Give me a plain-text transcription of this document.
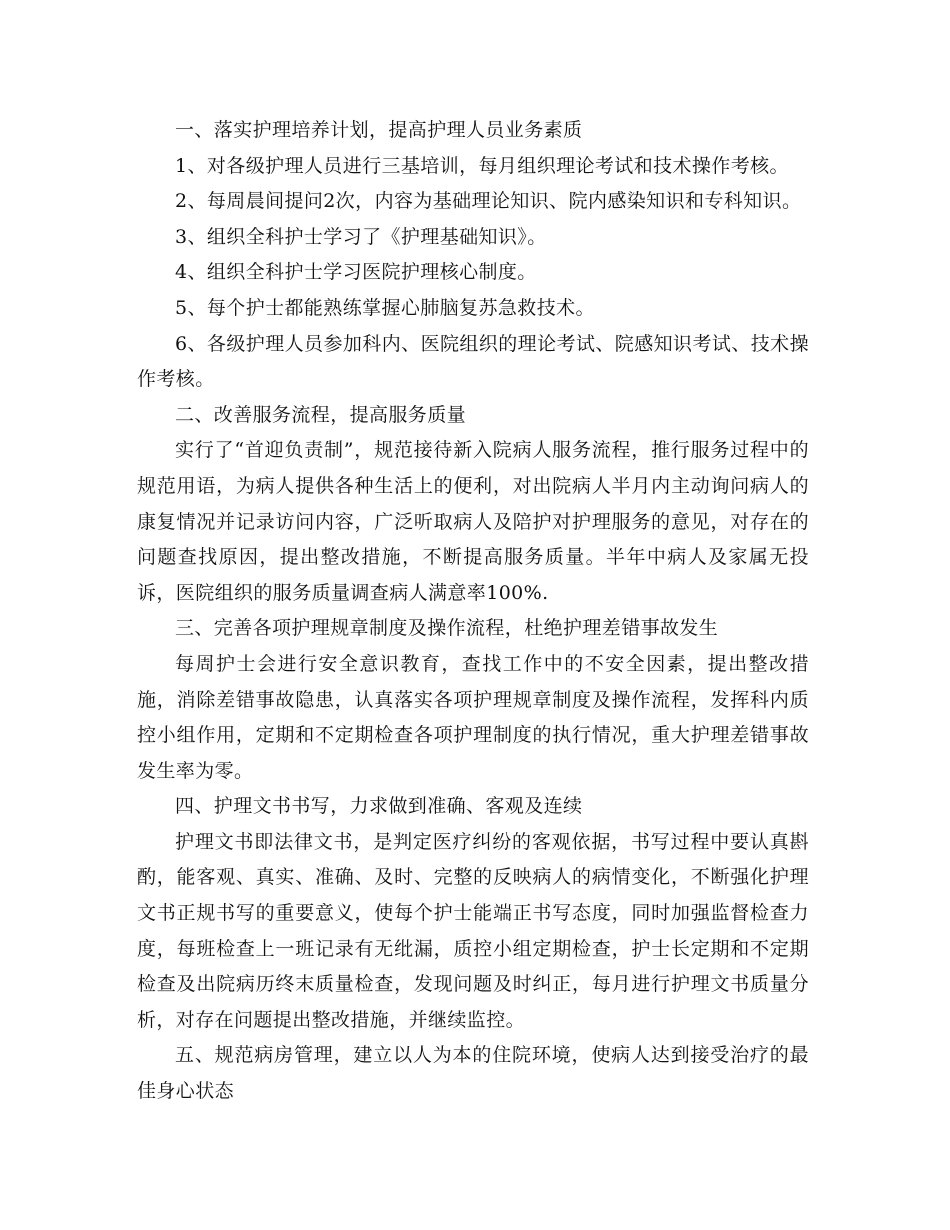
一、落实护理培养计划，提高护理人员业务素质

1、对各级护理人员进行三基培训，每月组织理论考试和技术操作考核。

2、每周晨间提问2次，内容为基础理论知识、院内感染知识和专科知识。

3、组织全科护士学习了《护理基础知识》。

4、组织全科护士学习医院护理核心制度。

5、每个护士都能熟练掌握心肺脑复苏急救技术。

6、各级护理人员参加科内、医院组织的理论考试、院感知识考试、技术操作考核。

二、改善服务流程，提高服务质量

实行了“首迎负责制”，规范接待新入院病人服务流程，推行服务过程中的规范用语，为病人提供各种生活上的便利，对出院病人半月内主动询问病人的康复情况并记录访问内容，广泛听取病人及陪护对护理服务的意见，对存在的问题查找原因，提出整改措施，不断提高服务质量。半年中病人及家属无投诉，医院组织的服务质量调查病人满意率100%.

三、完善各项护理规章制度及操作流程，杜绝护理差错事故发生

每周护士会进行安全意识教育，查找工作中的不安全因素，提出整改措施，消除差错事故隐患，认真落实各项护理规章制度及操作流程，发挥科内质控小组作用，定期和不定期检查各项护理制度的执行情况，重大护理差错事故发生率为零。

四、护理文书书写，力求做到准确、客观及连续

护理文书即法律文书，是判定医疗纠纷的客观依据，书写过程中要认真斟酌，能客观、真实、准确、及时、完整的反映病人的病情变化，不断强化护理文书正规书写的重要意义，使每个护士能端正书写态度，同时加强监督检查力度，每班检查上一班记录有无纰漏，质控小组定期检查，护士长定期和不定期检查及出院病历终末质量检查，发现问题及时纠正，每月进行护理文书质量分析，对存在问题提出整改措施，并继续监控。

五、规范病房管理，建立以人为本的住院环境，使病人达到接受治疗的最佳身心状态
